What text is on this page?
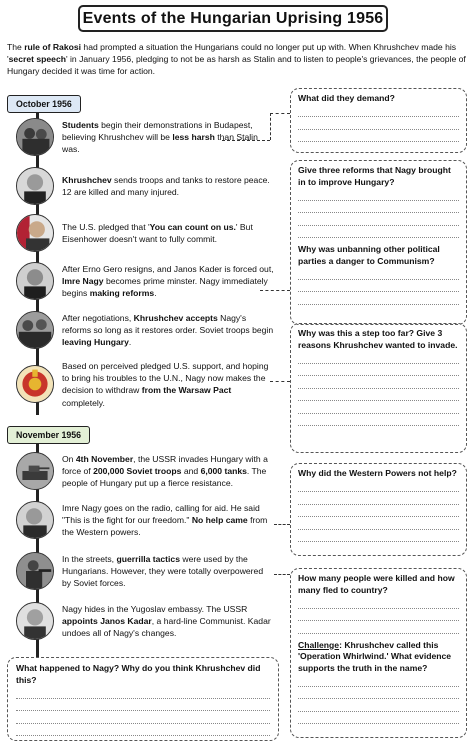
Events of the Hungarian Uprising 1956
The rule of Rakosi had prompted a situation the Hungarians could no longer put up with. When Khrushchev made his 'secret speech' in January 1956, pledging to not be as harsh as Stalin and to listen to people's grievances, the people of Hungary decided it was time for action.
October 1956
November 1956
Students begin their demonstrations in Budapest, believing Khrushchev will be less harsh than Stalin was.
Khrushchev sends troops and tanks to restore peace. 12 are killed and many injured.
The U.S. pledged that 'You can count on us.' But Eisenhower doesn't want to fully commit.
After Erno Gero resigns, and Janos Kader is forced out, Imre Nagy becomes prime minster. Nagy immediately begins making reforms.
After negotiations, Khrushchev accepts Nagy's reforms so long as it restores order. Soviet troops begin leaving Hungary.
Based on perceived pledged U.S. support, and hoping to bring his troubles to the U.N., Nagy now makes the decision to withdraw from the Warsaw Pact completely.
On 4th November, the USSR invades Hungary with a force of 200,000 Soviet troops and 6,000 tanks. The people of Hungary put up a fierce resistance.
Imre Nagy goes on the radio, calling for aid. He said "This is the fight for our freedom." No help came from the Western powers.
In the streets, guerrilla tactics were used by the Hungarians. However, they were totally overpowered by Soviet forces.
Nagy hides in the Yugoslav embassy. The USSR appoints Janos Kadar, a hard-line Communist. Kadar undoes all of Nagy's changes.
What did they demand?
Give three reforms that Nagy brought in to improve Hungary?
Why was unbanning other political parties a danger to Communism?
Why was this a step too far? Give 3 reasons Khrushchev wanted to invade.
Why did the Western Powers not help?
How many people were killed and how many fled to country?
Challenge: Khrushchev called this 'Operation Whirlwind.' What evidence supports the truth in the name?
What happened to Nagy? Why do you think Khrushchev did this?
